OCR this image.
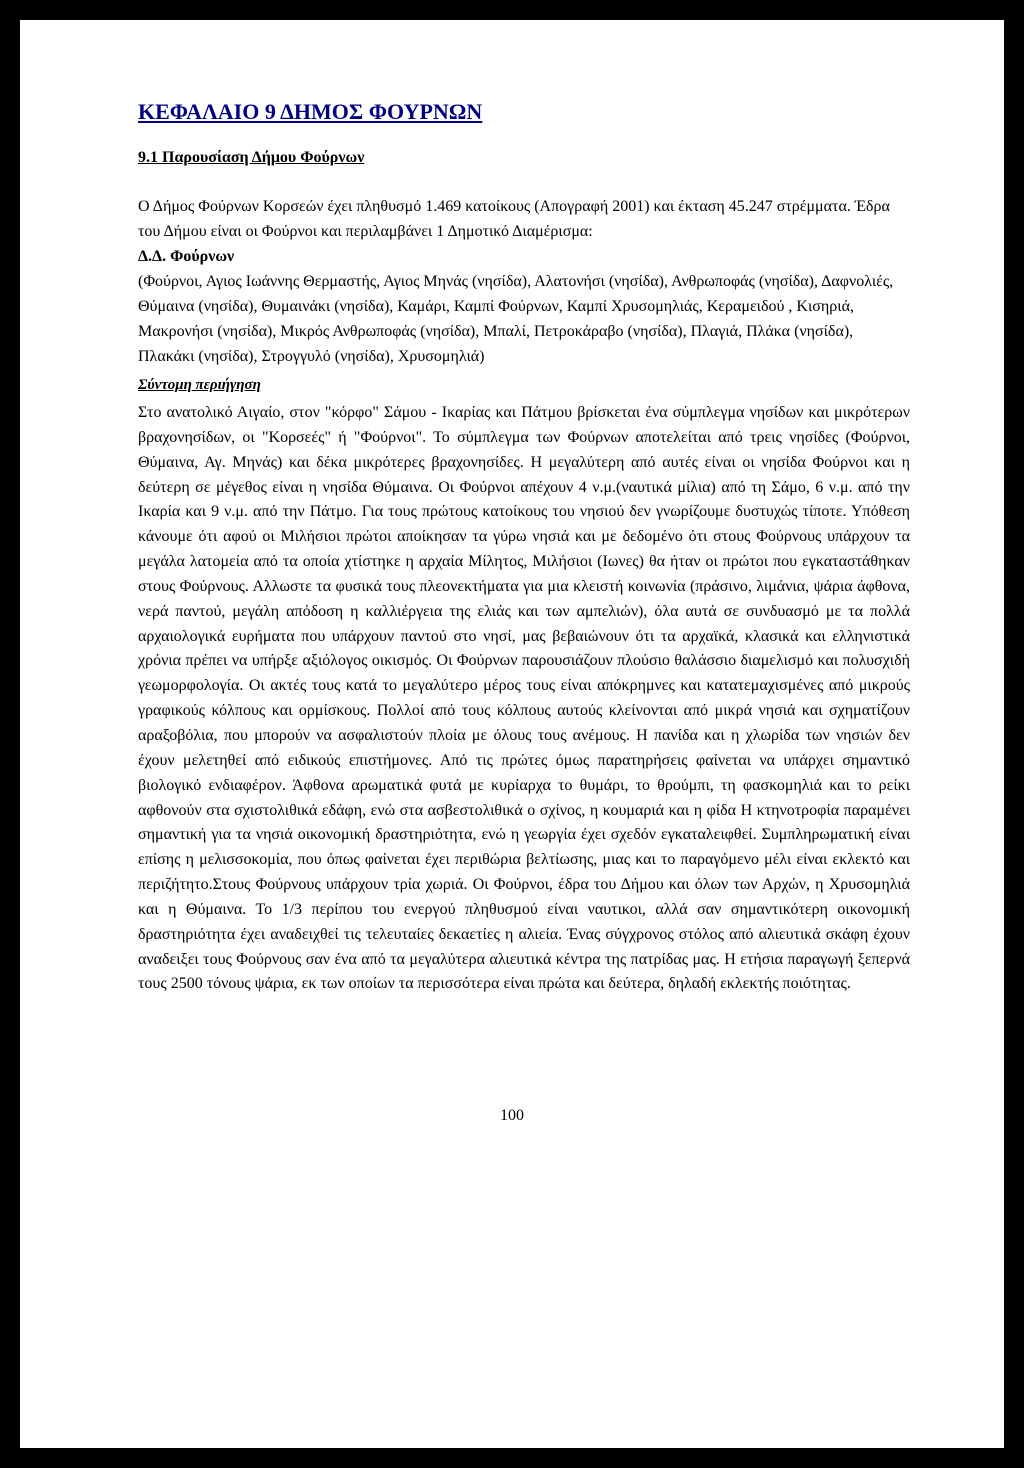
ΚΕΦΑΛΑΙΟ 9 ΔΗΜΟΣ ΦΟΥΡΝΩΝ
9.1 Παρουσίαση Δήμου Φούρνων

Ο Δήμος Φούρνων Κορσεών έχει πληθυσμό 1.469 κατοίκους (Απογραφή 2001) και έκταση 45.247 στρέμματα. Έδρα του Δήμου είναι οι Φούρνοι και περιλαμβάνει 1 Δημοτικό Διαμέρισμα:

Δ.Δ. Φούρνων

(Φούρνοι, Αγιος Ιωάννης Θερμαστής, Αγιος Μηνάς (νησίδα), Αλατονήσι (νησίδα), Ανθρωποφάς (νησίδα), Δαφνολιές, Θύμαινα (νησίδα), Θυμαινάκι (νησίδα), Καμάρι, Καμπί Φούρνων, Καμπί Χρυσομηλιάς, Κεραμειδού , Κισηριά, Μακρονήσι (νησίδα), Μικρός Ανθρωποφάς (νησίδα), Μπαλί, Πετροκάραβο (νησίδα), Πλαγιά, Πλάκα (νησίδα), Πλακάκι (νησίδα), Στρογγυλό (νησίδα), Χρυσομηλιά)

Σύντομη περιήγηση

Στο ανατολικό Αιγαίο, στον "κόρφο" Σάμου - Ικαρίας και Πάτμου βρίσκεται ένα σύμπλεγμα νησίδων και μικρότερων βραχονησίδων, οι "Κορσεές" ή "Φούρνοι". Το σύμπλεγμα των Φούρνων αποτελείται από τρεις νησίδες (Φούρνοι, Θύμαινα, Αγ. Μηνάς) και δέκα μικρότερες βραχονησίδες. Η μεγαλύτερη από αυτές είναι οι νησίδα Φούρνοι και η δεύτερη σε μέγεθος είναι η νησίδα Θύμαινα. Οι Φούρνοι απέχουν 4 ν.μ.(ναυτικά μίλια) από τη Σάμο, 6 ν.μ. από την Ικαρία και 9 ν.μ. από την Πάτμο. Για τους πρώτους κατοίκους του νησιού δεν γνωρίζουμε δυστυχώς τίποτε. Υπόθεση κάνουμε ότι αφού οι Μιλήσιοι πρώτοι αποίκησαν τα γύρω νησιά και με δεδομένο ότι στους Φούρνους υπάρχουν τα μεγάλα λατομεία από τα οποία χτίστηκε η αρχαία Μίλητος, Μιλήσιοι (Ιωνες) θα ήταν οι πρώτοι που εγκαταστάθηκαν στους Φούρνους. Αλλωστε τα φυσικά τους πλεονεκτήματα για μια κλειστή κοινωνία (πράσινο, λιμάνια, ψάρια άφθονα, νερά παντού, μεγάλη απόδοση η καλλιέργεια της ελιάς και των αμπελιών), όλα αυτά σε συνδυασμό με τα πολλά αρχαιολογικά ευρήματα που υπάρχουν παντού στο νησί, μας βεβαιώνουν ότι τα αρχαϊκά, κλασικά και ελληνιστικά χρόνια πρέπει να υπήρξε αξιόλογος οικισμός. Οι Φούρνων παρουσιάζουν πλούσιο θαλάσσιο διαμελισμό και πολυσχιδή γεωμορφολογία. Οι ακτές τους κατά το μεγαλύτερο μέρος τους είναι απόκρημνες και κατατεμαχισμένες από μικρούς γραφικούς κόλπους και ορμίσκους. Πολλοί από τους κόλπους αυτούς κλείνονται από μικρά νησιά και σχηματίζουν αραξοβόλια, που μπορούν να ασφαλιστούν πλοία με όλους τους ανέμους. Η πανίδα και η χλωρίδα των νησιών δεν έχουν μελετηθεί από ειδικούς επιστήμονες. Από τις πρώτες όμως παρατηρήσεις φαίνεται να υπάρχει σημαντικό βιολογικό ενδιαφέρον. Άφθονα αρωματικά φυτά με κυρίαρχα το θυμάρι, το θρούμπι, τη φασκομηλιά και το ρείκι αφθονούν στα σχιστολιθικά εδάφη, ενώ στα ασβεστολιθικά ο σχίνος, η κουμαριά και η φίδα Η κτηνοτροφία παραμένει σημαντική για τα νησιά οικονομική δραστηριότητα, ενώ η γεωργία έχει σχεδόν εγκαταλειφθεί. Συμπληρωματική είναι επίσης η μελισσοκομία, που όπως φαίνεται έχει περιθώρια βελτίωσης, μιας και το παραγόμενο μέλι είναι εκλεκτό και περιζήτητο.Στους Φούρνους υπάρχουν τρία χωριά. Οι Φούρνοι, έδρα του Δήμου και όλων των Αρχών, η Χρυσομηλιά και η Θύμαινα. Το 1/3 περίπου του ενεργού πληθυσμού είναι ναυτικοι, αλλά σαν σημαντικότερη οικονομική δραστηριότητα έχει αναδειχθεί τις τελευταίες δεκαετίες η αλιεία. Ένας σύγχρονος στόλος από αλιευτικά σκάφη έχουν αναδειξει τους Φούρνους σαν ένα από τα μεγαλύτερα αλιευτικά κέντρα της πατρίδας μας. Η ετήσια παραγωγή ξεπερνά τους 2500 τόνους ψάρια, εκ των οποίων τα περισσότερα είναι πρώτα και δεύτερα, δηλαδή εκλεκτής ποιότητας.

100
